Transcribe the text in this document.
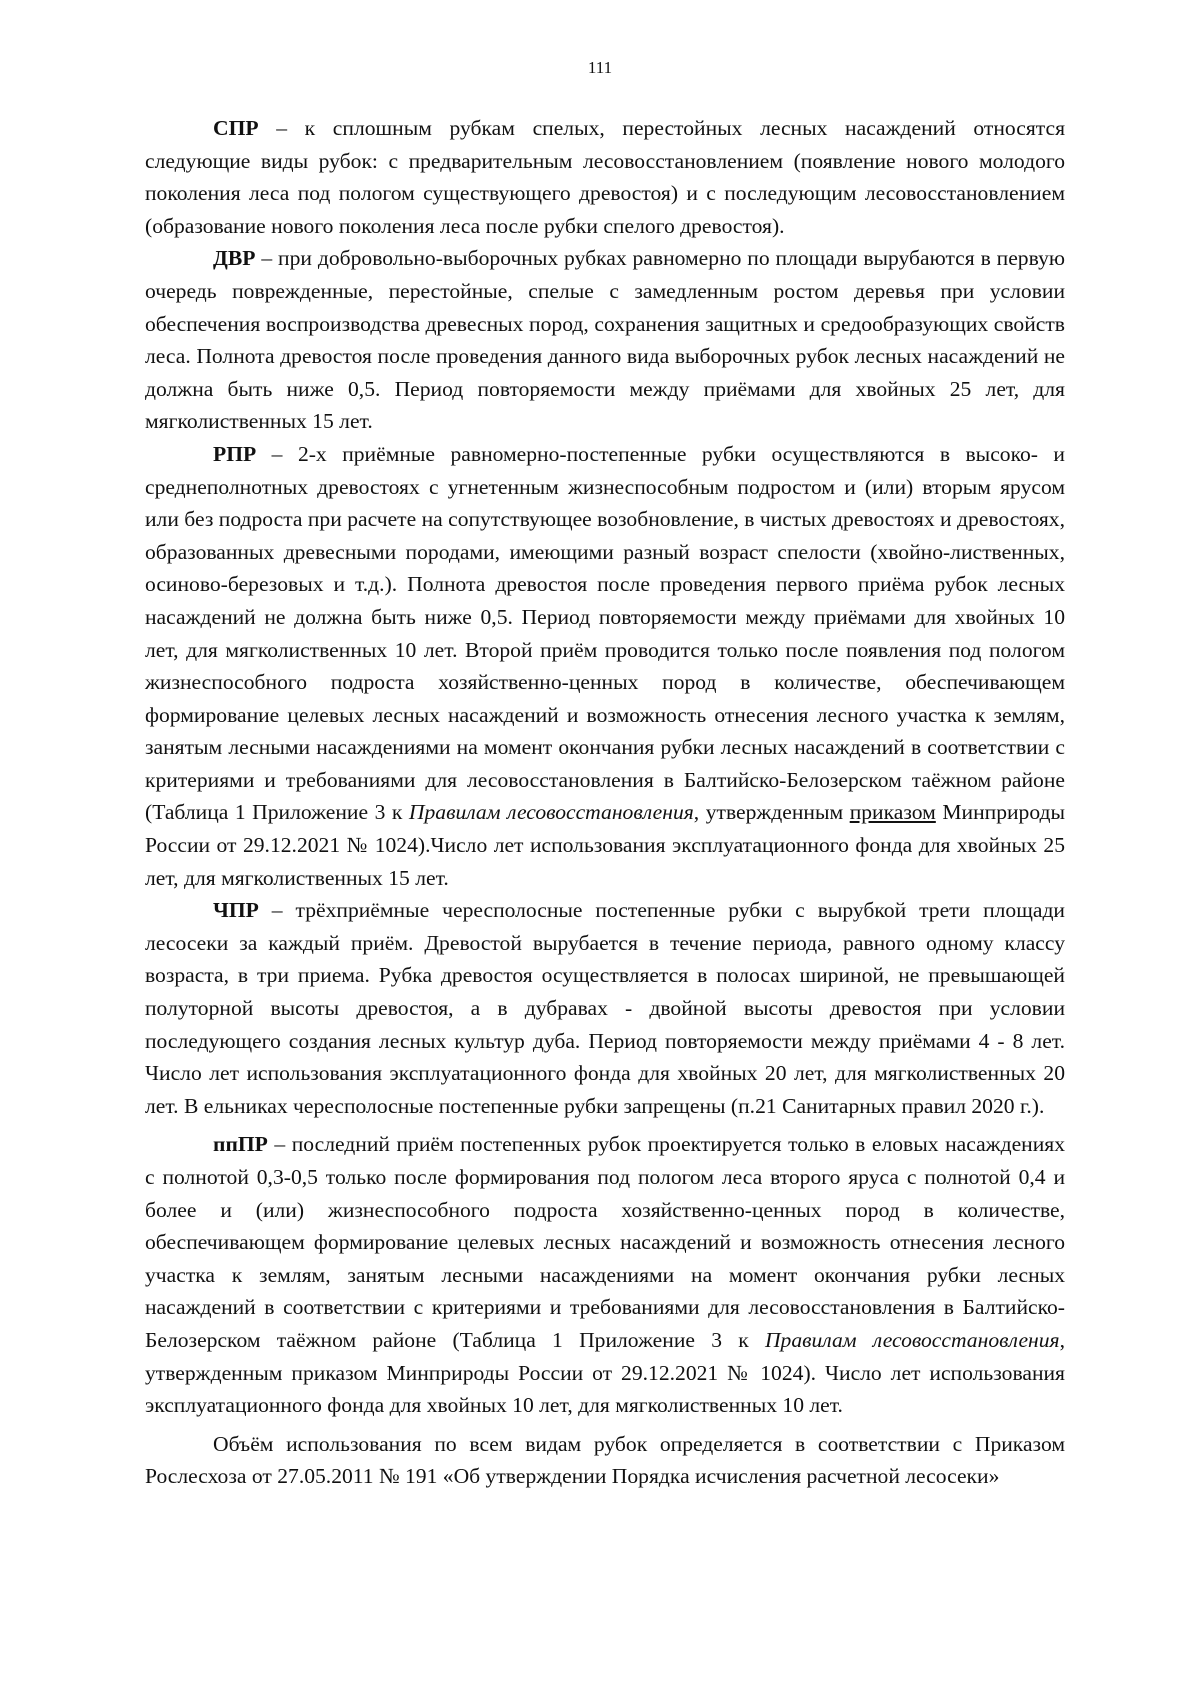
111

СПР – к сплошным рубкам спелых, перестойных лесных насаждений относятся следующие виды рубок: с предварительным лесовосстановлением (появление нового молодого поколения леса под пологом существующего древостоя) и с последующим лесовосстановлением (образование нового поколения леса после рубки спелого древостоя).

ДВР – при добровольно-выборочных рубках равномерно по площади вырубаются в первую очередь поврежденные, перестойные, спелые с замедленным ростом деревья при условии обеспечения воспроизводства древесных пород, сохранения защитных и средообразующих свойств леса. Полнота древостоя после проведения данного вида выборочных рубок лесных насаждений не должна быть ниже 0,5. Период повторяемости между приёмами для хвойных 25 лет, для мягколиственных 15 лет.

РПР – 2-х приёмные равномерно-постепенные рубки осуществляются в высоко- и среднеполнотных древостоях с угнетенным жизнеспособным подростом и (или) вторым ярусом или без подроста при расчете на сопутствующее возобновление, в чистых древостоях и древостоях, образованных древесными породами, имеющими разный возраст спелости (хвойно-лиственных, осиново-березовых и т.д.). Полнота древостоя после проведения первого приёма рубок лесных насаждений не должна быть ниже 0,5. Период повторяемости между приёмами для хвойных 10 лет, для мягколиственных 10 лет. Второй приём проводится только после появления под пологом жизнеспособного подроста хозяйственно-ценных пород в количестве, обеспечивающем формирование целевых лесных насаждений и возможность отнесения лесного участка к землям, занятым лесными насаждениями на момент окончания рубки лесных насаждений в соответствии с критериями и требованиями для лесовосстановления в Балтийско-Белозерском таёжном районе (Таблица 1 Приложение 3 к Правилам лесовосстановления, утвержденным приказом Минприроды России от 29.12.2021 № 1024).Число лет использования эксплуатационного фонда для хвойных 25 лет, для мягколиственных 15 лет.

ЧПР – трёхприёмные чересполосные постепенные рубки с вырубкой трети площади лесосеки за каждый приём. Древостой вырубается в течение периода, равного одному классу возраста, в три приема. Рубка древостоя осуществляется в полосах шириной, не превышающей полуторной высоты древостоя, а в дубравах - двойной высоты древостоя при условии последующего создания лесных культур дуба. Период повторяемости между приёмами 4 - 8 лет. Число лет использования эксплуатационного фонда для хвойных 20 лет, для мягколиственных 20 лет. В ельниках чересполосные постепенные рубки запрещены (п.21 Санитарных правил 2020 г.).

ппПР – последний приём постепенных рубок проектируется только в еловых насаждениях с полнотой 0,3-0,5 только после формирования под пологом леса второго яруса с полнотой 0,4 и более и (или) жизнеспособного подроста хозяйственно-ценных пород в количестве, обеспечивающем формирование целевых лесных насаждений и возможность отнесения лесного участка к землям, занятым лесными насаждениями на момент окончания рубки лесных насаждений в соответствии с критериями и требованиями для лесовосстановления в Балтийско-Белозерском таёжном районе (Таблица 1 Приложение 3 к Правилам лесовосстановления, утвержденным приказом Минприроды России от 29.12.2021 № 1024). Число лет использования эксплуатационного фонда для хвойных 10 лет, для мягколиственных 10 лет.

Объём использования по всем видам рубок определяется в соответствии с Приказом Рослесхоза от 27.05.2011 № 191 «Об утверждении Порядка исчисления расчетной лесосеки»
